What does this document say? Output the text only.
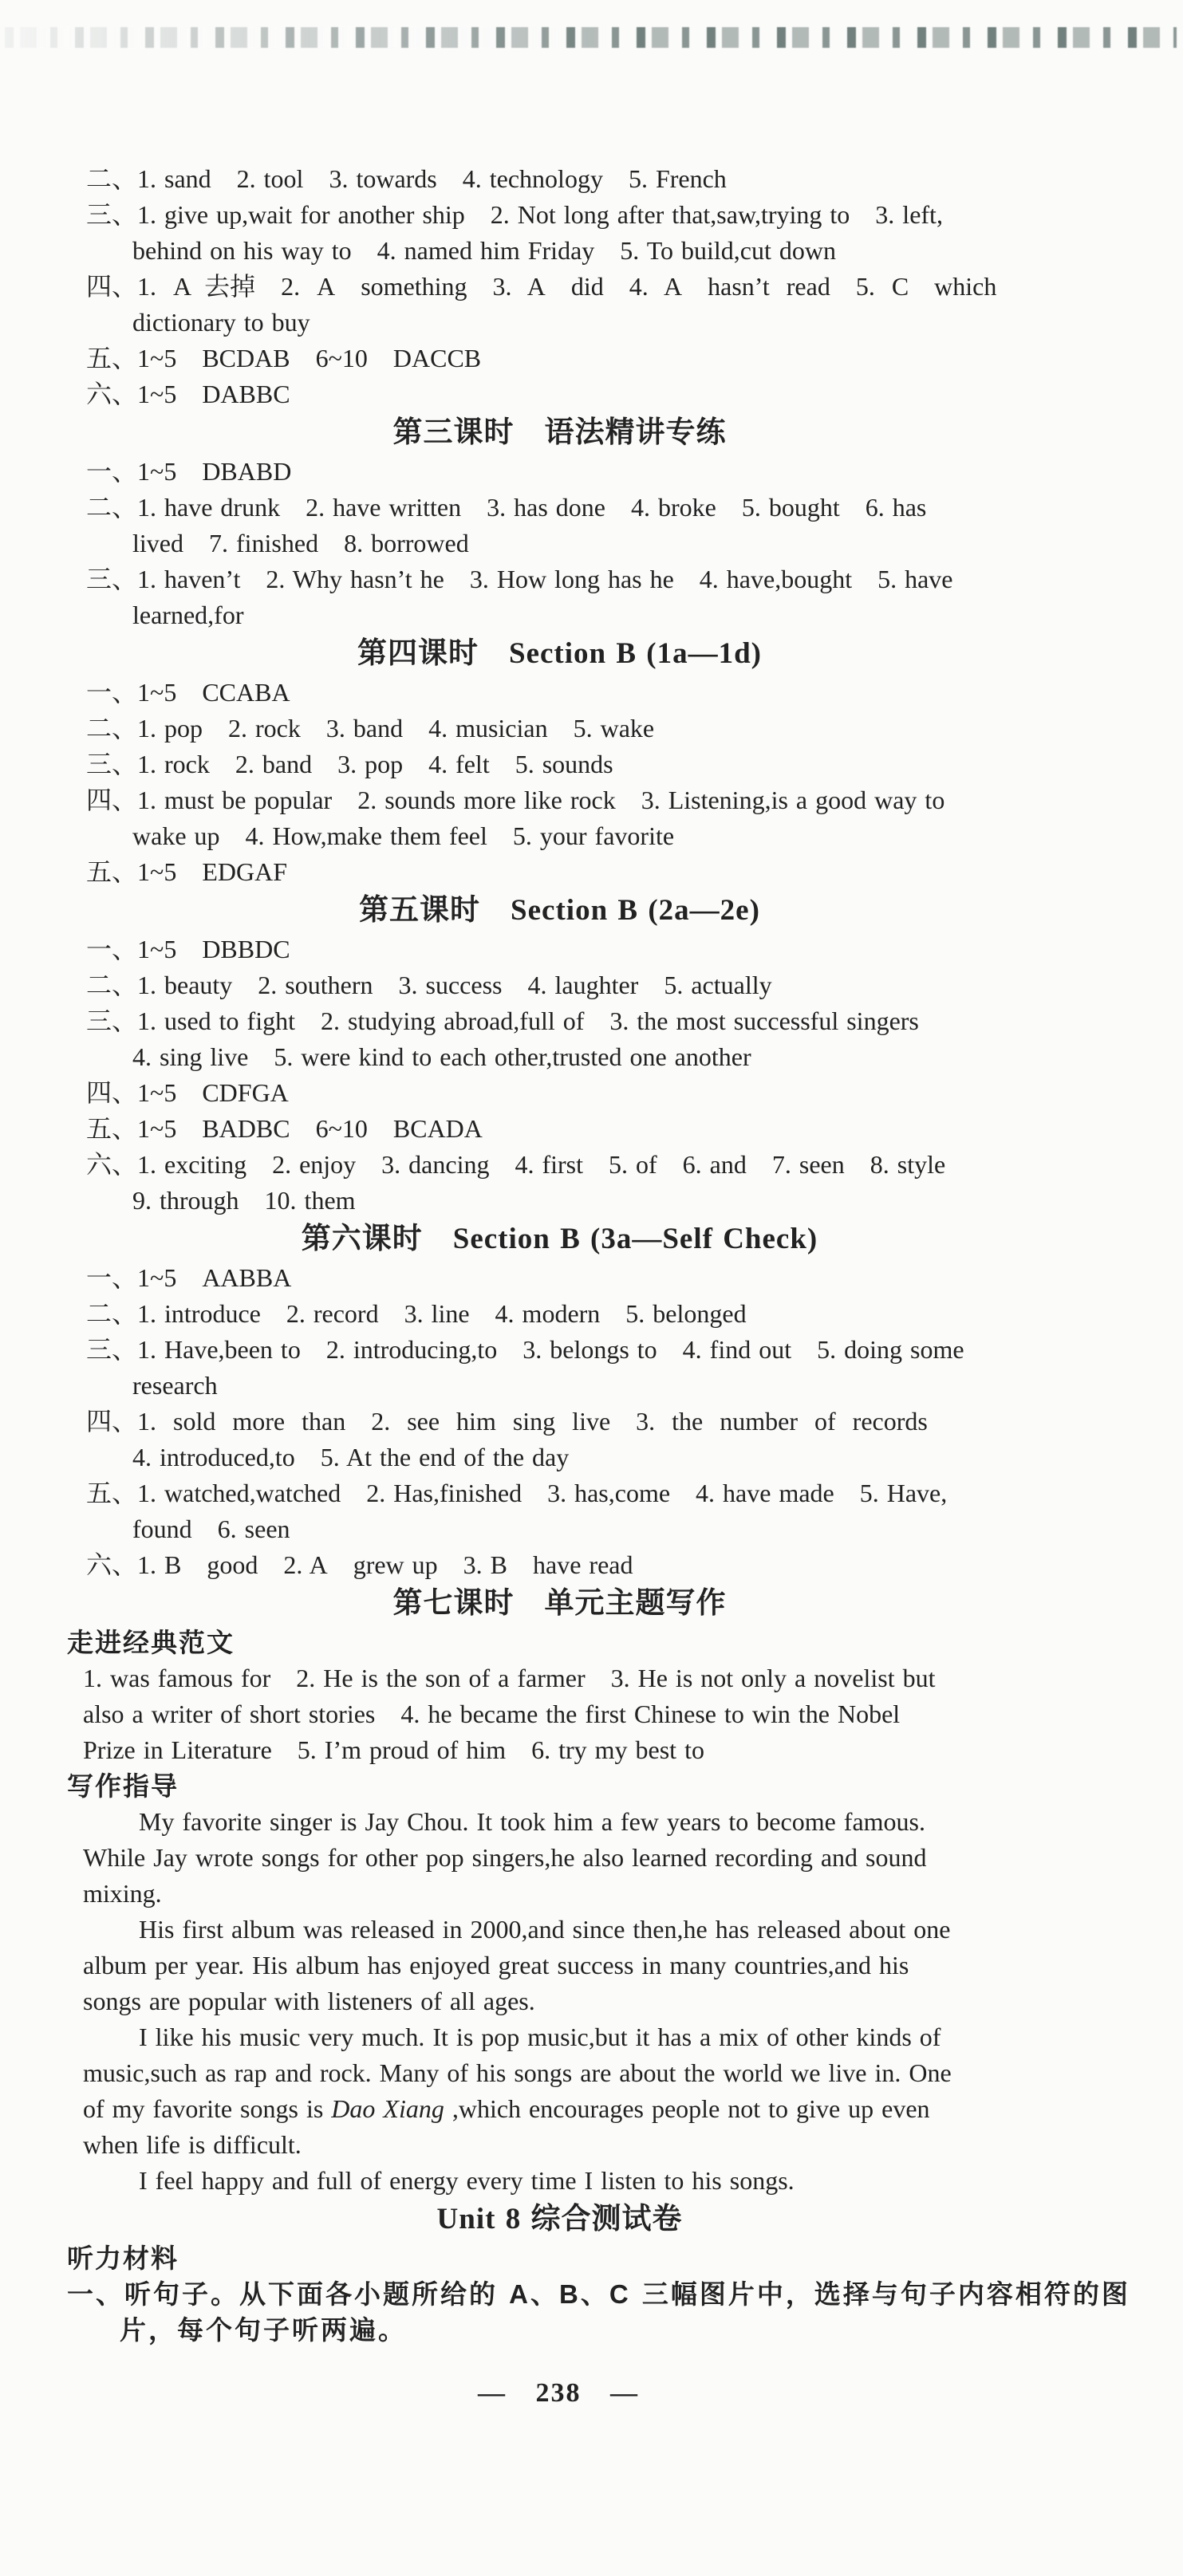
二、1. sand  2. tool  3. towards  4. technology  5. French
三、1. give up,wait for another ship  2. Not long after that,saw,trying to  3. left,
behind on his way to  4. named him Friday  5. To build,cut down
四、1. A 去掉  2. A  something  3. A  did  4. A  hasn’t read  5. C  which
dictionary to buy
五、1~5  BCDAB  6~10  DACCB
六、1~5  DABBC
第三课时　语法精讲专练
一、1~5  DBABD
二、1. have drunk  2. have written  3. has done  4. broke  5. bought  6. has
lived  7. finished  8. borrowed
三、1. haven’t  2. Why hasn’t he  3. How long has he  4. have,bought  5. have
learned,for
第四课时　Section B (1a—1d)
一、1~5  CCABA
二、1. pop  2. rock  3. band  4. musician  5. wake
三、1. rock  2. band  3. pop  4. felt  5. sounds
四、1. must be popular  2. sounds more like rock  3. Listening,is a good way to
wake up  4. How,make them feel  5. your favorite
五、1~5  EDGAF
第五课时　Section B (2a—2e)
一、1~5  DBBDC
二、1. beauty  2. southern  3. success  4. laughter  5. actually
三、1. used to fight  2. studying abroad,full of  3. the most successful singers
4. sing live  5. were kind to each other,trusted one another
四、1~5  CDFGA
五、1~5  BADBC  6~10  BCADA
六、1. exciting  2. enjoy  3. dancing  4. first  5. of  6. and  7. seen  8. style
9. through  10. them
第六课时　Section B (3a—Self Check)
一、1~5  AABBA
二、1. introduce  2. record  3. line  4. modern  5. belonged
三、1. Have,been to  2. introducing,to  3. belongs to  4. find out  5. doing some
research
四、1. sold more than  2. see him sing live  3. the number of records
4. introduced,to  5. At the end of the day
五、1. watched,watched  2. Has,finished  3. has,come  4. have made  5. Have,
found  6. seen
六、1. B  good  2. A  grew up  3. B  have read
第七课时　单元主题写作
走进经典范文
1. was famous for  2. He is the son of a farmer  3. He is not only a novelist but
also a writer of short stories  4. he became the first Chinese to win the Nobel
Prize in Literature  5. I’m proud of him  6. try my best to
写作指导
My favorite singer is Jay Chou. It took him a few years to become famous.
While Jay wrote songs for other pop singers,he also learned recording and sound
mixing.
His first album was released in 2000,and since then,he has released about one
album per year. His album has enjoyed great success in many countries,and his
songs are popular with listeners of all ages.
I like his music very much. It is pop music,but it has a mix of other kinds of
music,such as rap and rock. Many of his songs are about the world we live in. One
of my favorite songs is Dao Xiang ,which encourages people not to give up even
when life is difficult.
I feel happy and full of energy every time I listen to his songs.
Unit 8 综合测试卷
听力材料
一、听句子。从下面各小题所给的 A、B、C 三幅图片中，选择与句子内容相符的图
片，每个句子听两遍。
— 238 —
